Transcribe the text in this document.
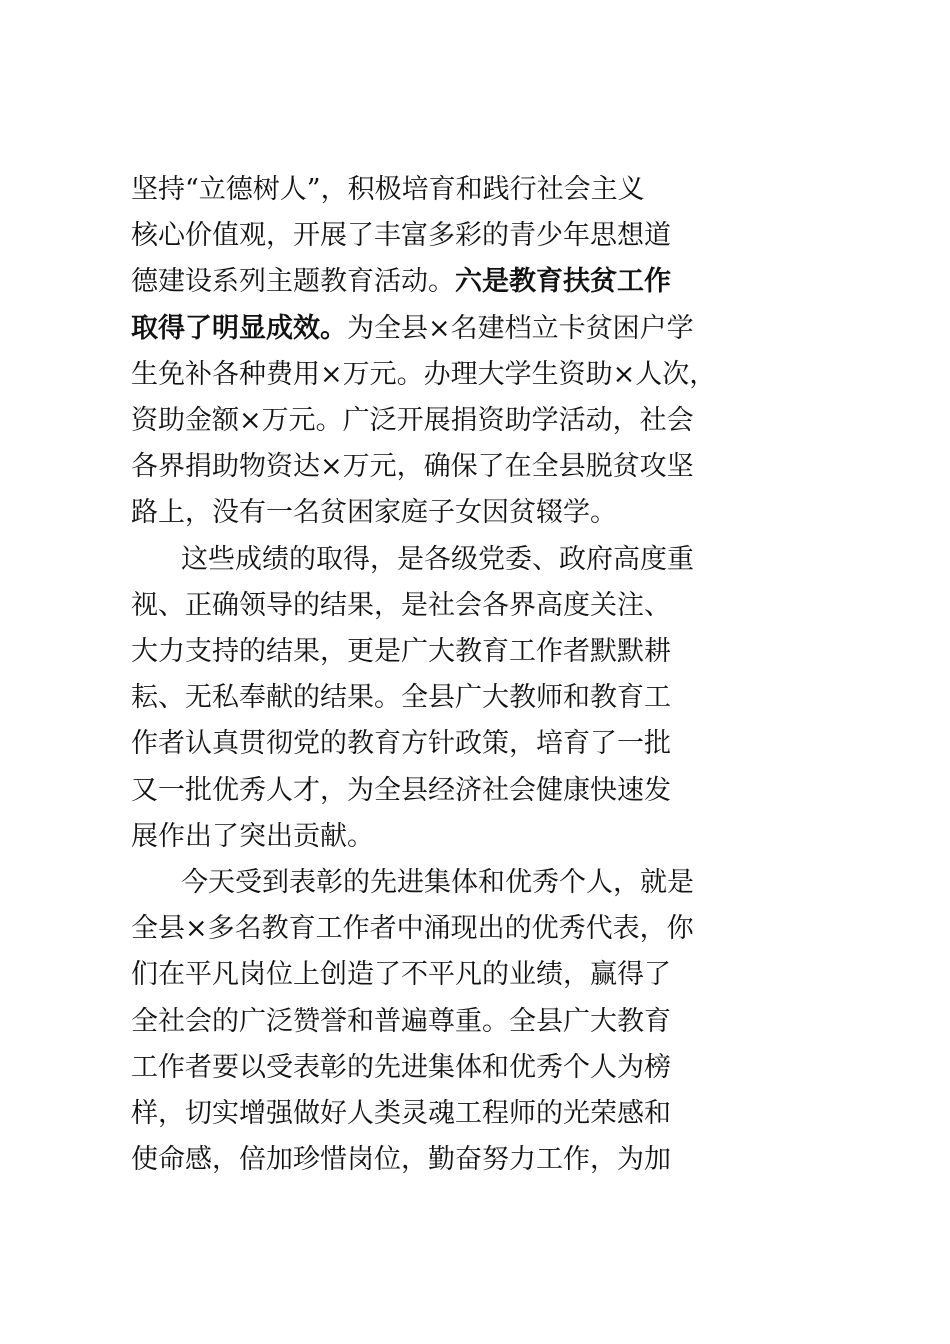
坚持“立德树人”，积极培育和践行社会主义
核心价值观，开展了丰富多彩的青少年思想道
德建设系列主题教育活动。六是教育扶贫工作
取得了明显成效。为全县×名建档立卡贫困户学
生免补各种费用×万元。办理大学生资助×人次，
资助金额×万元。广泛开展捐资助学活动，社会
各界捐助物资达×万元，确保了在全县脱贫攻坚
路上，没有一名贫困家庭子女因贫辍学。
这些成绩的取得，是各级党委、政府高度重
视、正确领导的结果，是社会各界高度关注、
大力支持的结果，更是广大教育工作者默默耕
耘、无私奉献的结果。全县广大教师和教育工
作者认真贯彻党的教育方针政策，培育了一批
又一批优秀人才，为全县经济社会健康快速发
展作出了突出贡献。
今天受到表彰的先进集体和优秀个人，就是
全县×多名教育工作者中涌现出的优秀代表，你
们在平凡岗位上创造了不平凡的业绩，赢得了
全社会的广泛赞誉和普遍尊重。全县广大教育
工作者要以受表彰的先进集体和优秀个人为榜
样，切实增强做好人类灵魂工程师的光荣感和
使命感，倍加珍惜岗位，勤奋努力工作，为加
